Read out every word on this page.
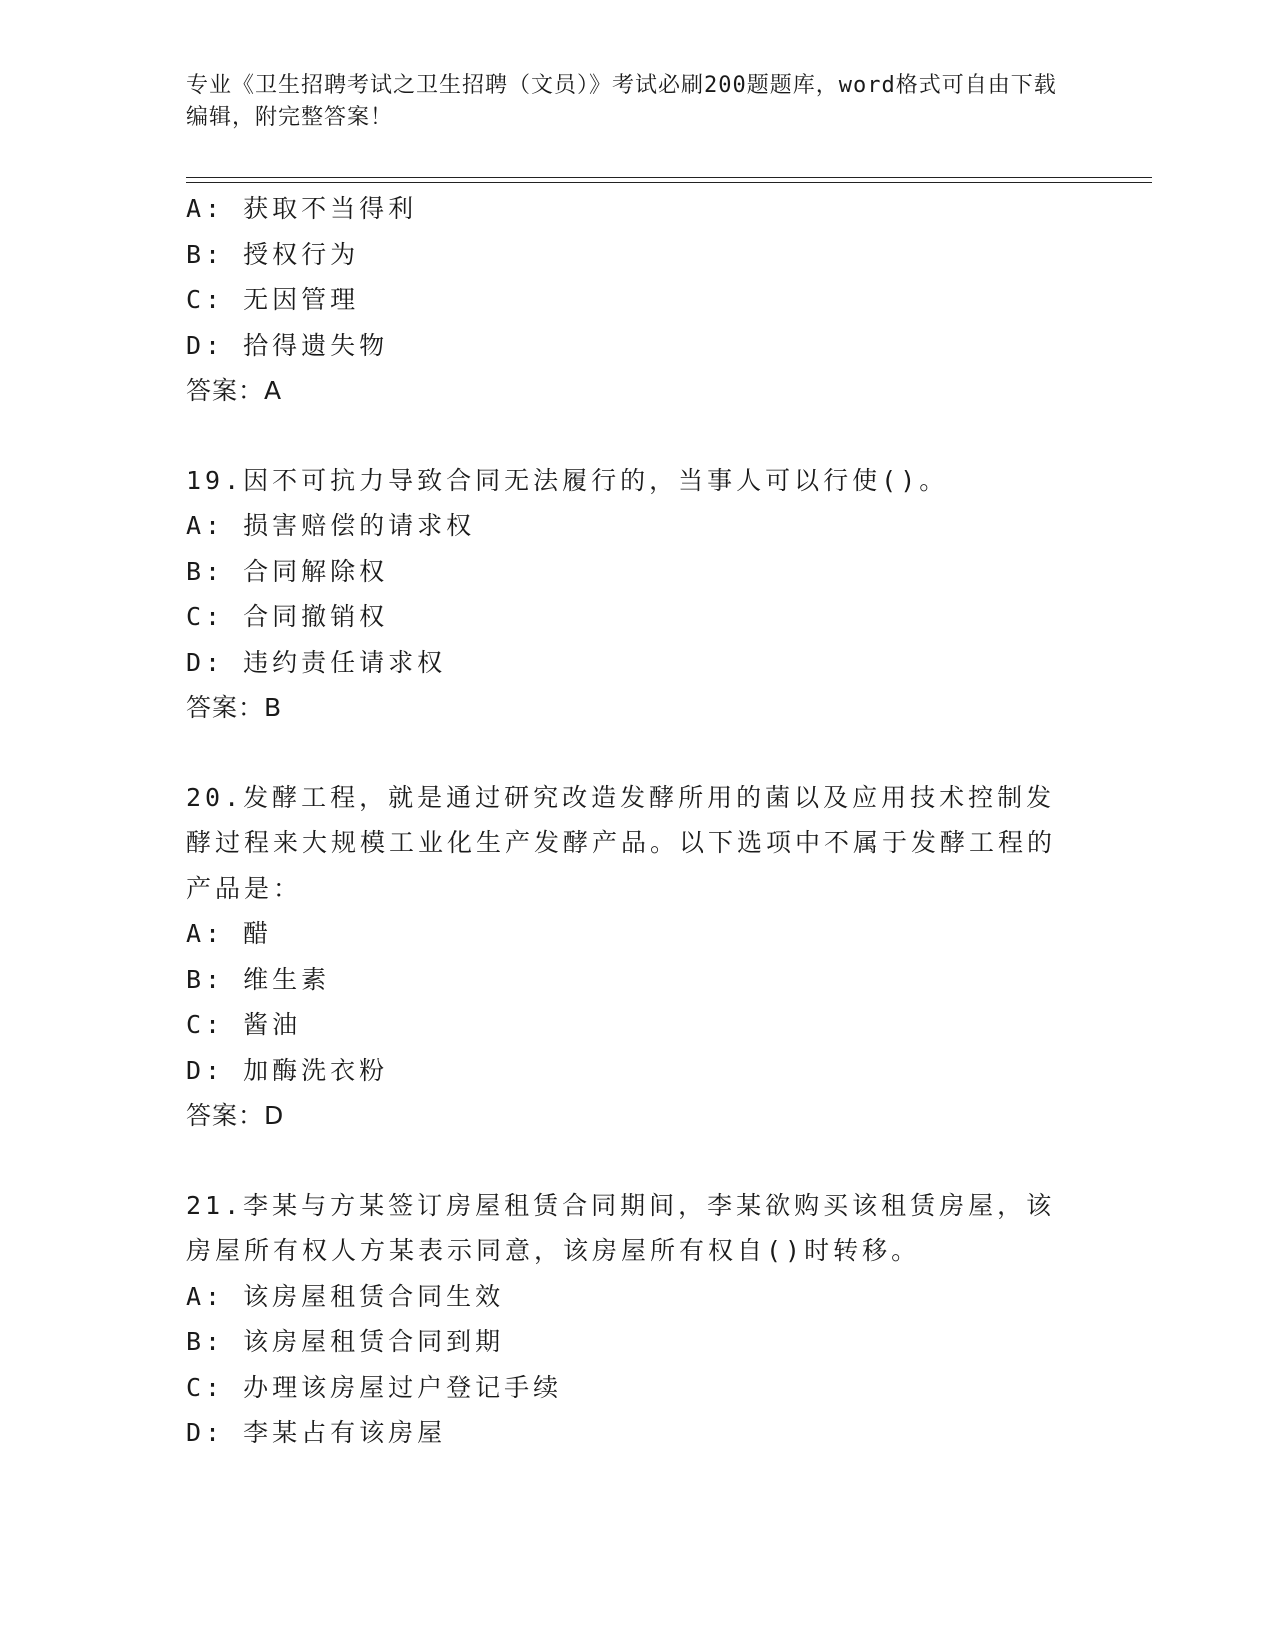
专业《卫生招聘考试之卫生招聘（文员）》考试必刷200题题库，word格式可自由下载编辑，附完整答案！
A: 获取不当得利
B: 授权行为
C: 无因管理
D: 拾得遗失物
答案：A
19.因不可抗力导致合同无法履行的，当事人可以行使()。
A: 损害赔偿的请求权
B: 合同解除权
C: 合同撤销权
D: 违约责任请求权
答案：B
20.发酵工程，就是通过研究改造发酵所用的菌以及应用技术控制发酵过程来大规模工业化生产发酵产品。以下选项中不属于发酵工程的产品是：
A: 醋
B: 维生素
C: 酱油
D: 加酶洗衣粉
答案：D
21.李某与方某签订房屋租赁合同期间，李某欲购买该租赁房屋，该房屋所有权人方某表示同意，该房屋所有权自()时转移。
A: 该房屋租赁合同生效
B: 该房屋租赁合同到期
C: 办理该房屋过户登记手续
D: 李某占有该房屋
